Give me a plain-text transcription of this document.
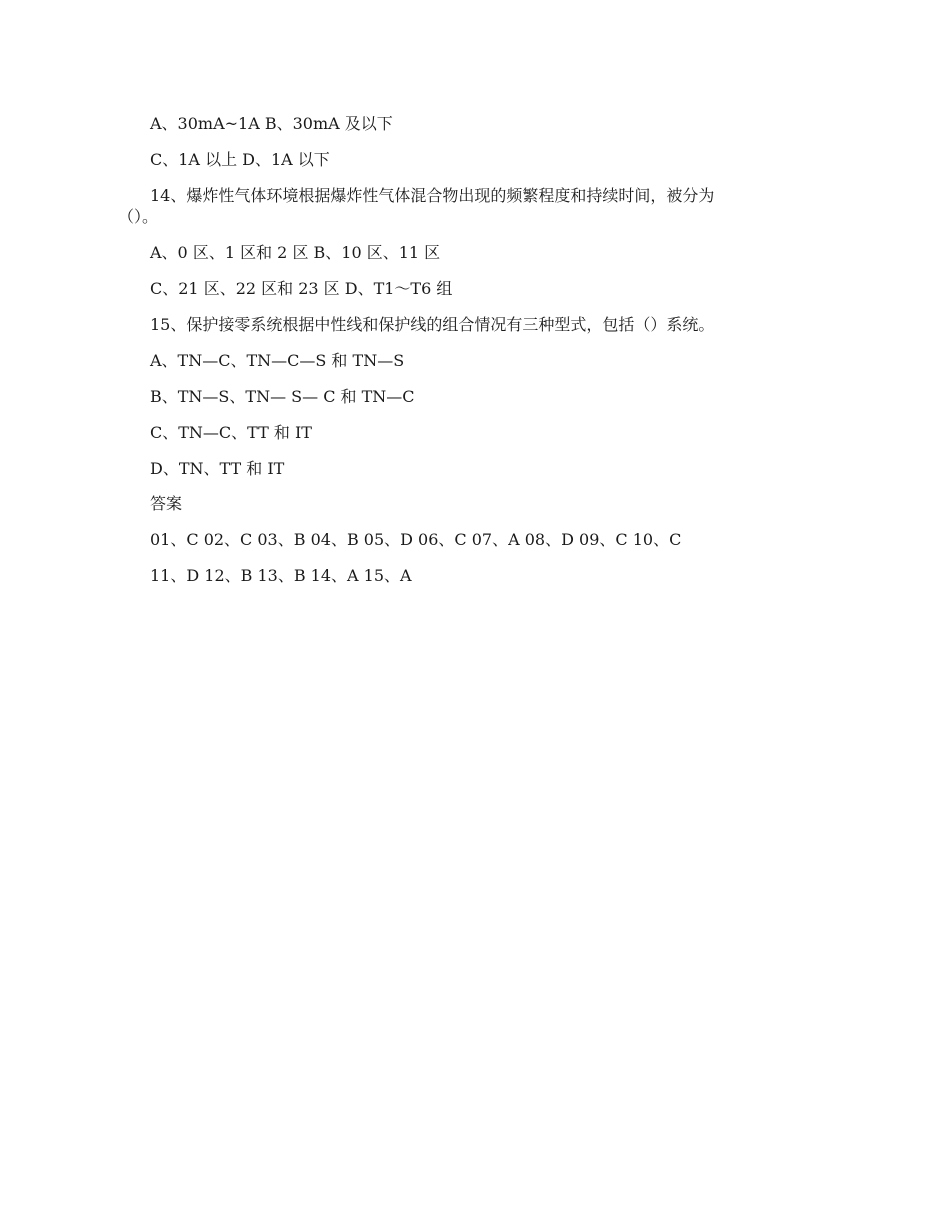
A、30mA~1A B、30mA 及以下
C、1A 以上 D、1A 以下
14、爆炸性气体环境根据爆炸性气体混合物出现的频繁程度和持续时间，被分为
（）。
A、0 区、1 区和 2 区 B、10 区、11 区
C、21 区、22 区和 23 区 D、T1～T6 组
15、保护接零系统根据中性线和保护线的组合情况有三种型式，包括（）系统。
A、TN—C、TN—C—S 和 TN—S
B、TN—S、TN— S— C 和 TN—C
C、TN—C、TT 和 IT
D、TN、TT 和 IT
答案
01、C 02、C 03、B 04、B 05、D 06、C 07、A 08、D 09、C 10、C
11、D 12、B 13、B 14、A 15、A
